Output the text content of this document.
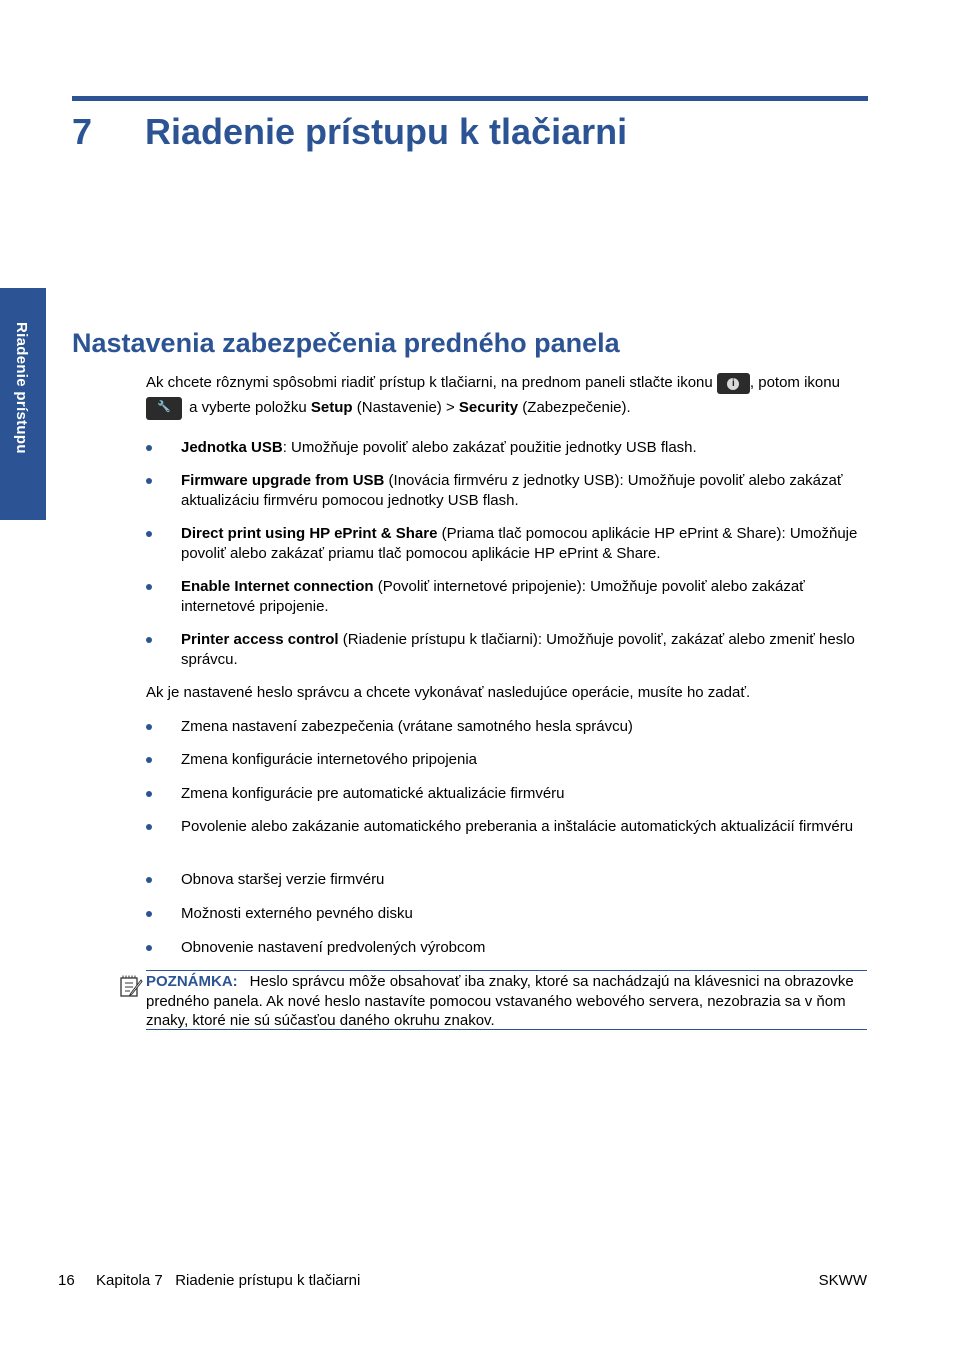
7 Riadenie prístupu k tlačiarni
Riadenie prístupu Nastavenia zabezpečenia predného panela
Ak chcete rôznymi spôsobmi riadiť prístup k tlačiarni, na prednom paneli stlačte ikonu i , potom ikonu
🔧 a vyberte položku Setup (Nastavenie) > Security (Zabezpečenie).
Jednotka USB: Umožňuje povoliť alebo zakázať použitie jednotky USB flash.
Firmware upgrade from USB (Inovácia firmvéru z jednotky USB): Umožňuje povoliť alebo zakázať aktualizáciu firmvéru pomocou jednotky USB flash.
Direct print using HP ePrint & Share (Priama tlač pomocou aplikácie HP ePrint & Share): Umožňuje povoliť alebo zakázať priamu tlač pomocou aplikácie HP ePrint & Share.
Enable Internet connection (Povoliť internetové pripojenie): Umožňuje povoliť alebo zakázať internetové pripojenie.
Printer access control (Riadenie prístupu k tlačiarni): Umožňuje povoliť, zakázať alebo zmeniť heslo správcu.
Ak je nastavené heslo správcu a chcete vykonávať nasledujúce operácie, musíte ho zadať.
Zmena nastavení zabezpečenia (vrátane samotného hesla správcu)
Zmena konfigurácie internetového pripojenia
Zmena konfigurácie pre automatické aktualizácie firmvéru
Povolenie alebo zakázanie automatického preberania a inštalácie automatických aktualizácií firmvéru
Obnova staršej verzie firmvéru
Možnosti externého pevného disku
Obnovenie nastavení predvolených výrobcom
POZNÁMKA: Heslo správcu môže obsahovať iba znaky, ktoré sa nachádzajú na klávesnici na obrazovke predného panela. Ak nové heslo nastavíte pomocou vstavaného webového servera, nezobrazia sa v ňom znaky, ktoré nie sú súčasťou daného okruhu znakov.
16 Kapitola 7   Riadenie prístupu k tlačiarni	SKWW
